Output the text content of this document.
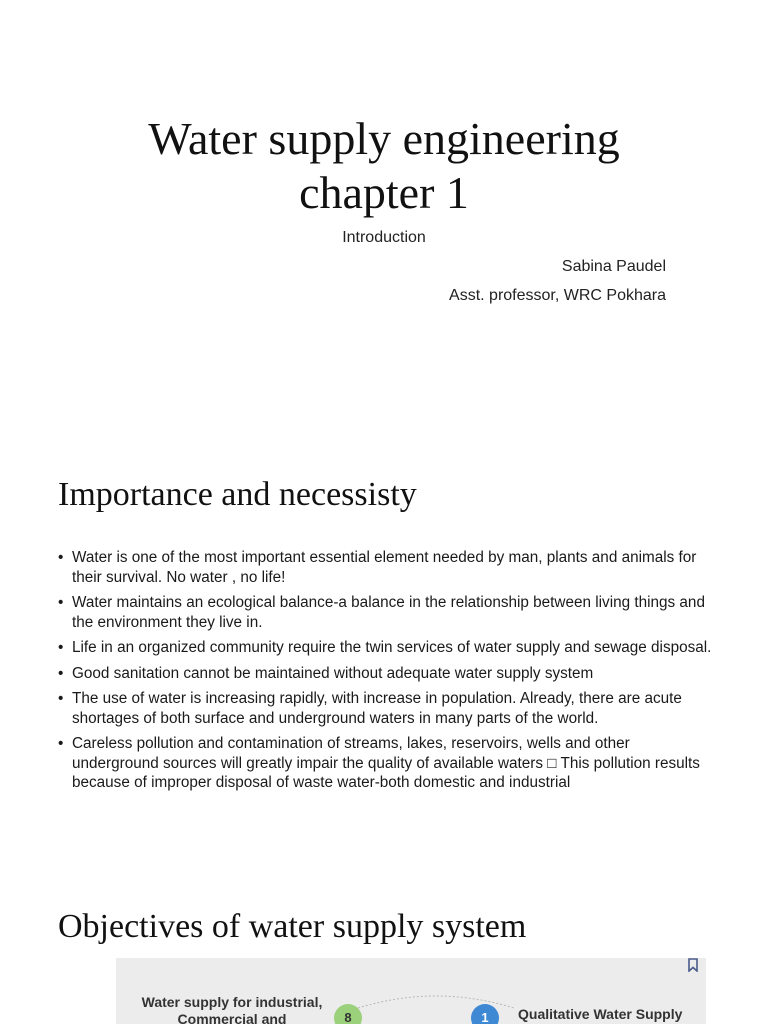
Water supply engineering
chapter 1
Introduction
Sabina Paudel
Asst. professor, WRC Pokhara
Importance and necessisty
• Water is one of the most important essential element needed by man, plants and animals for their survival. No water , no life!
• Water maintains an ecological balance-a balance in the relationship between living things and the environment they live in.
• Life in an organized community require the twin services of water supply and sewage disposal.
• Good sanitation cannot be maintained without adequate water supply system
• The use of water is increasing rapidly, with increase in population. Already, there are acute shortages of both surface and underground waters in many parts of the world.
• Careless pollution and contamination of streams, lakes, reservoirs, wells and other underground sources will greatly impair the quality of available waters □ This pollution results because of improper disposal of waste water-both domestic and industrial
Objectives of water supply system
Water supply for industrial,
Commercial and	8	1	Qualitative Water Supply
